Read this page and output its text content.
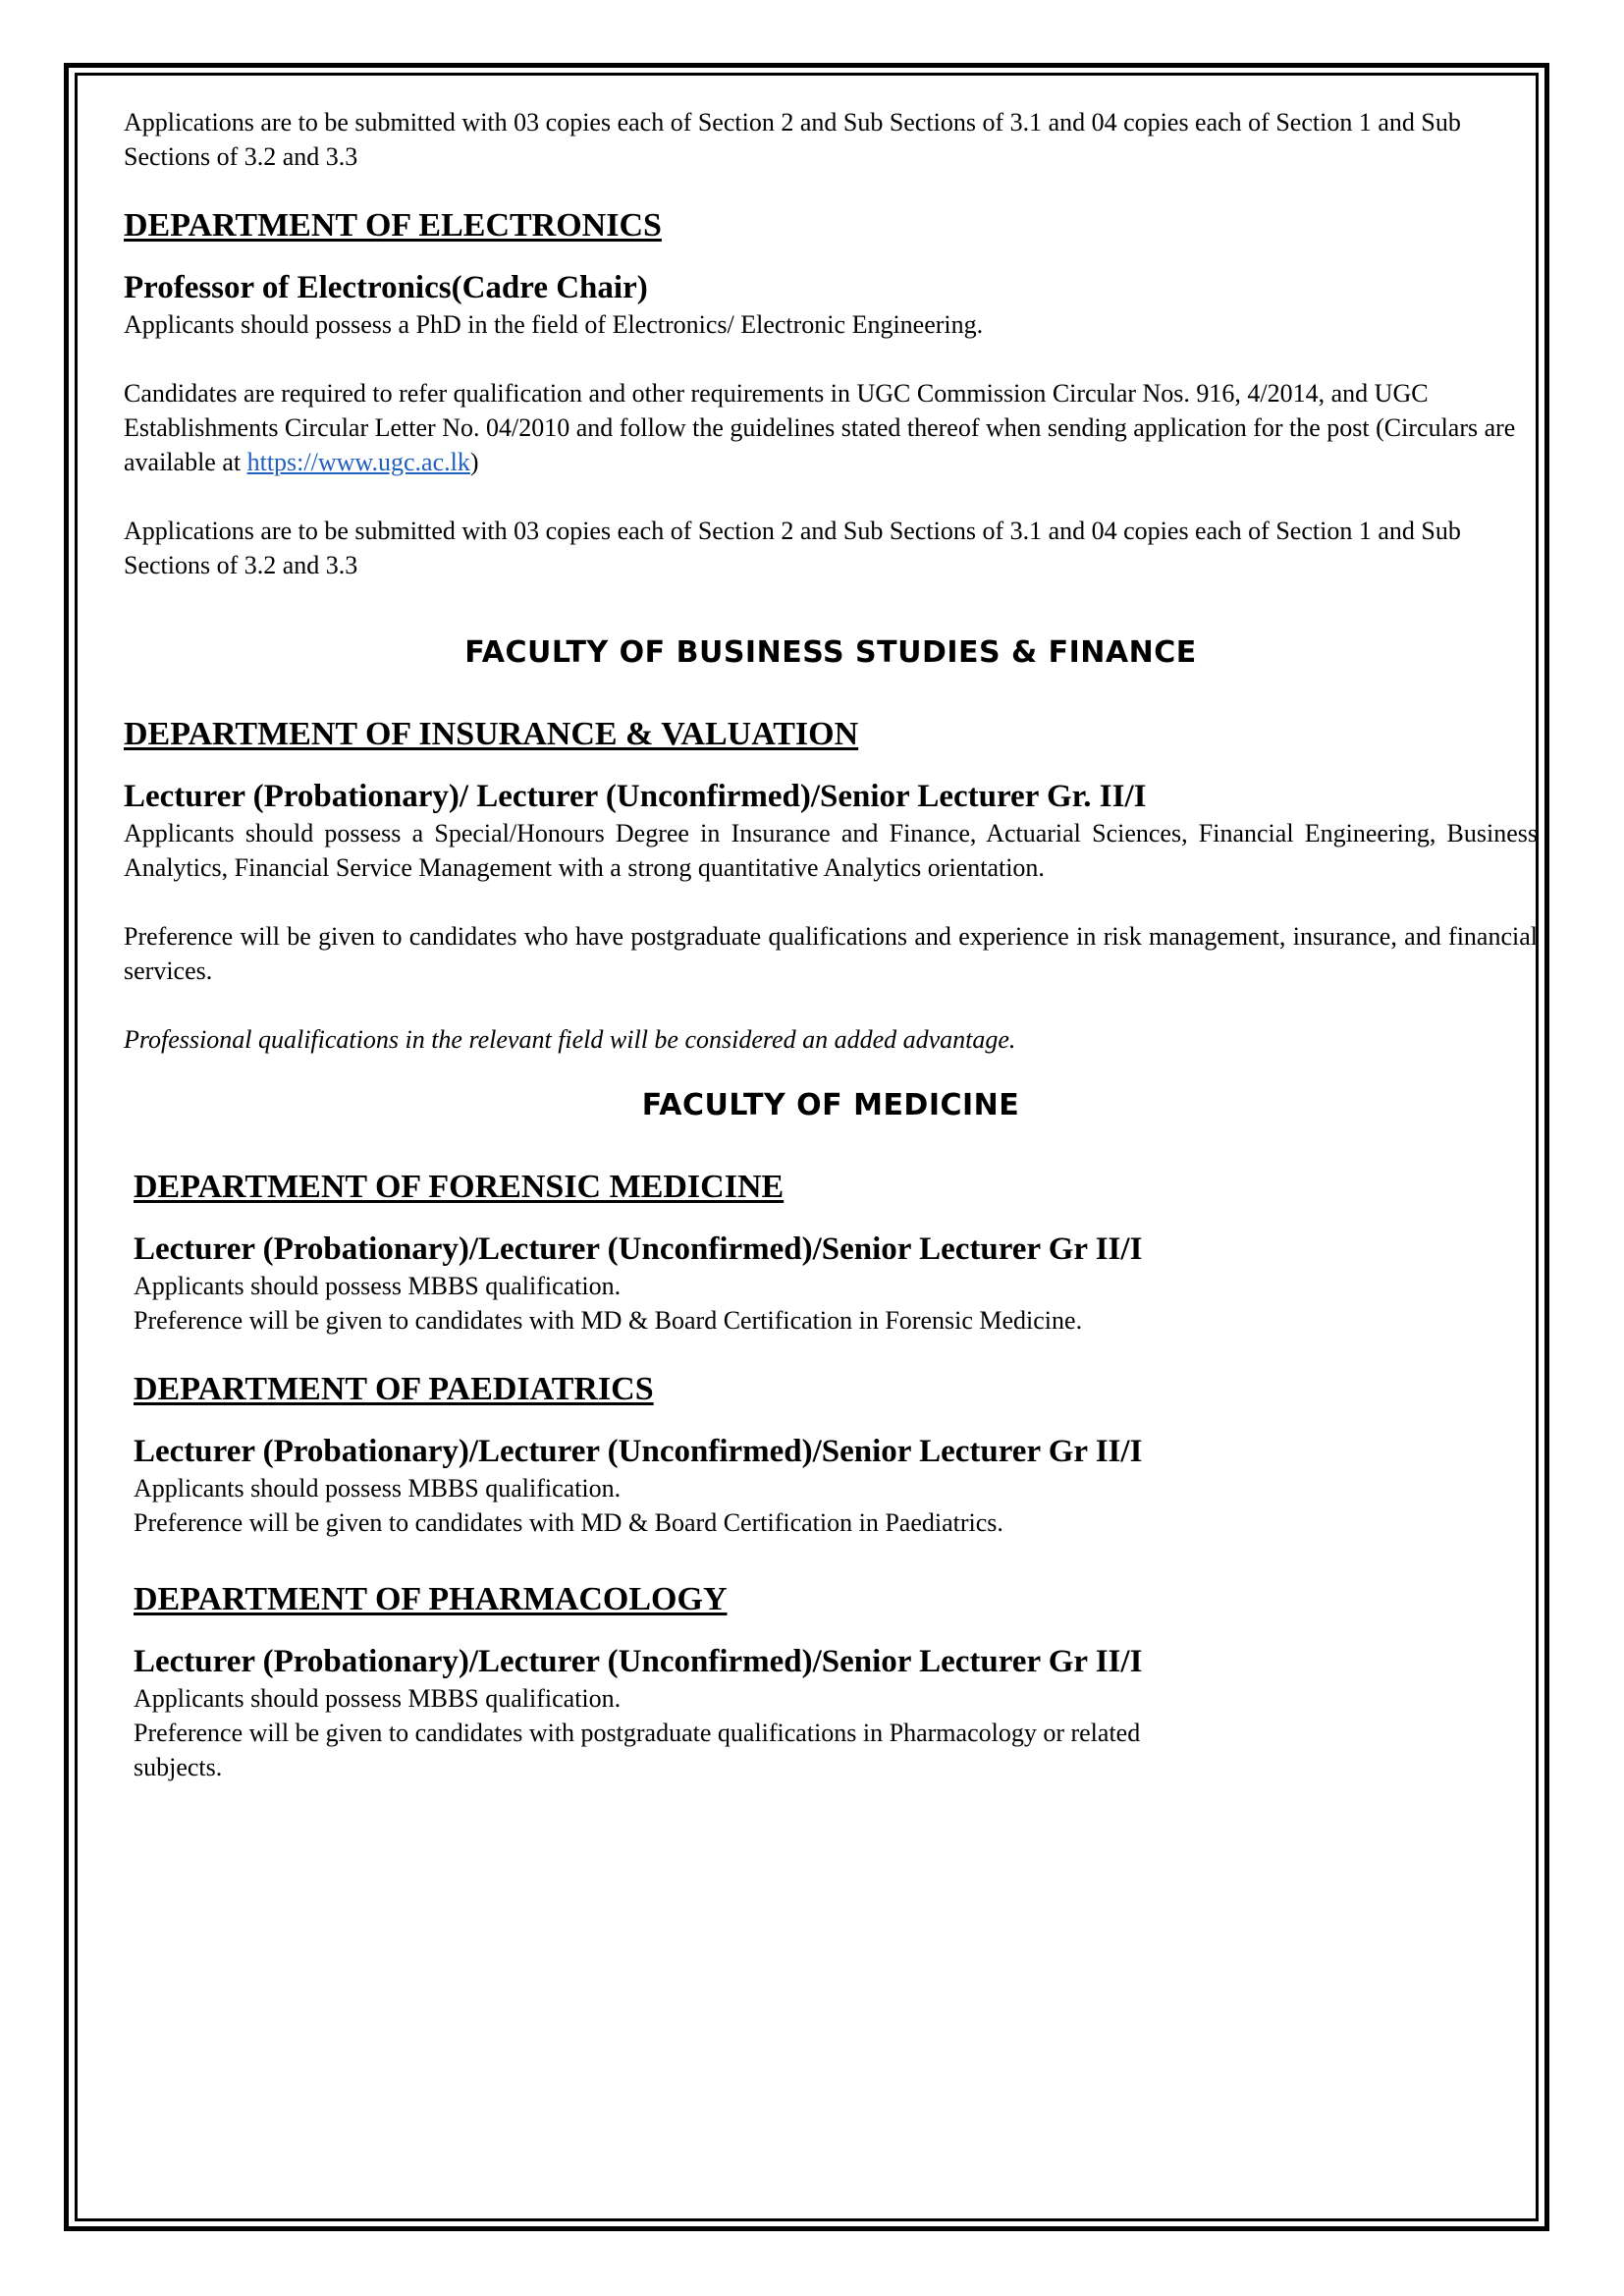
Applications are to be submitted with 03 copies each of Section 2 and Sub Sections of 3.1 and 04 copies each of Section 1 and Sub Sections of 3.2 and 3.3

DEPARTMENT OF ELECTRONICS
Professor of Electronics(Cadre Chair)

Applicants should possess a PhD in the field of Electronics/ Electronic Engineering.

Candidates are required to refer qualification and other requirements in UGC Commission Circular Nos. 916, 4/2014, and UGC Establishments Circular Letter No. 04/2010 and follow the guidelines stated thereof when sending application for the post (Circulars are available at https://www.ugc.ac.lk)

Applications are to be submitted with 03 copies each of Section 2 and Sub Sections of 3.1 and 04 copies each of Section 1 and Sub Sections of 3.2 and 3.3

FACULTY OF BUSINESS STUDIES & FINANCE
DEPARTMENT OF INSURANCE & VALUATION
Lecturer (Probationary)/ Lecturer (Unconfirmed)/Senior Lecturer Gr. II/I

Applicants should possess a Special/Honours Degree in Insurance and Finance, Actuarial Sciences, Financial Engineering, Business Analytics, Financial Service Management with a strong quantitative Analytics orientation.

Preference will be given to candidates who have postgraduate qualifications and experience in risk management, insurance, and financial services.

Professional qualifications in the relevant field will be considered an added advantage.

FACULTY OF MEDICINE
DEPARTMENT OF FORENSIC MEDICINE
Lecturer (Probationary)/Lecturer (Unconfirmed)/Senior Lecturer Gr II/I

Applicants should possess MBBS qualification.

Preference will be given to candidates with MD & Board Certification in Forensic Medicine.

DEPARTMENT OF PAEDIATRICS
Lecturer (Probationary)/Lecturer (Unconfirmed)/Senior Lecturer Gr II/I

Applicants should possess MBBS qualification.

Preference will be given to candidates with MD & Board Certification in Paediatrics.

DEPARTMENT OF PHARMACOLOGY
Lecturer (Probationary)/Lecturer (Unconfirmed)/Senior Lecturer Gr II/I

Applicants should possess MBBS qualification.

Preference will be given to candidates with postgraduate qualifications in Pharmacology or related

subjects.
